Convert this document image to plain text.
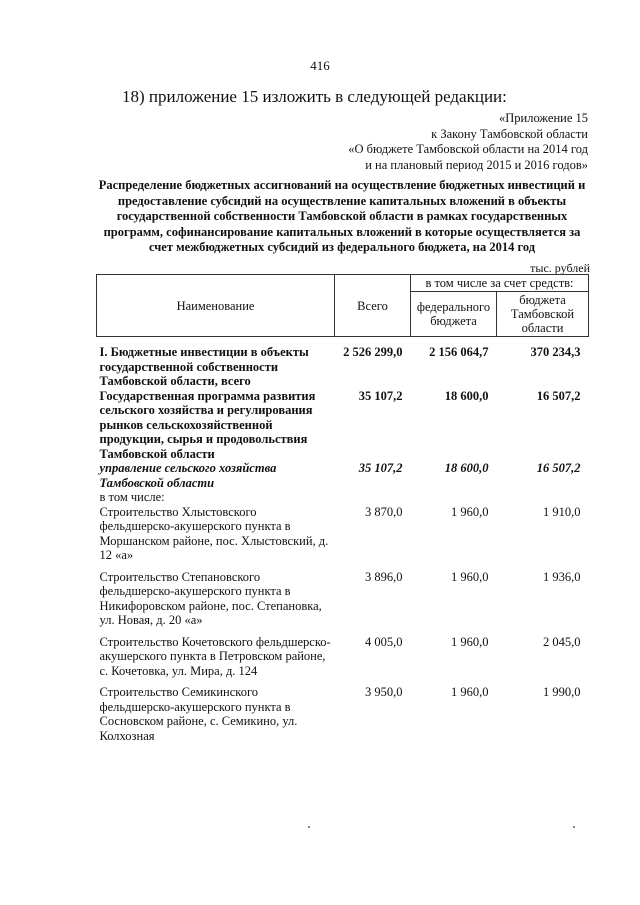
416
18) приложение 15 изложить в следующей редакции:
«Приложение 15
к Закону Тамбовской области
«О бюджете Тамбовской области на 2014 год
и на плановый период 2015 и 2016 годов»
Распределение бюджетных ассигнований на осуществление бюджетных инвестиций и предоставление субсидий на осуществление капитальных вложений в объекты государственной собственности Тамбовской области в рамках государственных программ, софинансирование капитальных вложений в которые осуществляется за счет межбюджетных субсидий из федерального бюджета, на 2014 год
тыс. рублей
Наименование	Всего	в том числе за счет средств:	
		федерального бюджета	бюджета Тамбовской области

I. Бюджетные инвестиции в объекты государственной собственности Тамбовской области, всего	2 526 299,0	2 156 064,7	370 234,3
Государственная программа развития сельского хозяйства и регулирования рынков сельскохозяйственной продукции, сырья и продовольствия Тамбовской области	35 107,2	18 600,0	16 507,2
управление сельского хозяйства Тамбовской области	35 107,2	18 600,0	16 507,2
в том числе:			
Строительство Хлыстовского фельдшерско-акушерского пункта в Моршанском районе, пос. Хлыстовский, д. 12 «а»	3 870,0	1 960,0	1 910,0
Строительство Степановского фельдшерско-акушерского пункта в Никифоровском районе, пос. Степановка, ул. Новая, д. 20 «а»	3 896,0	1 960,0	1 936,0
Строительство Кочетовского фельдшерско-акушерского пункта в Петровском районе, с. Кочетовка, ул. Мира, д. 124	4 005,0	1 960,0	2 045,0
Строительство Семикинского фельдшерско-акушерского пункта в Сосновском районе, с. Семикино, ул. Колхозная	3 950,0	1 960,0	1 990,0
